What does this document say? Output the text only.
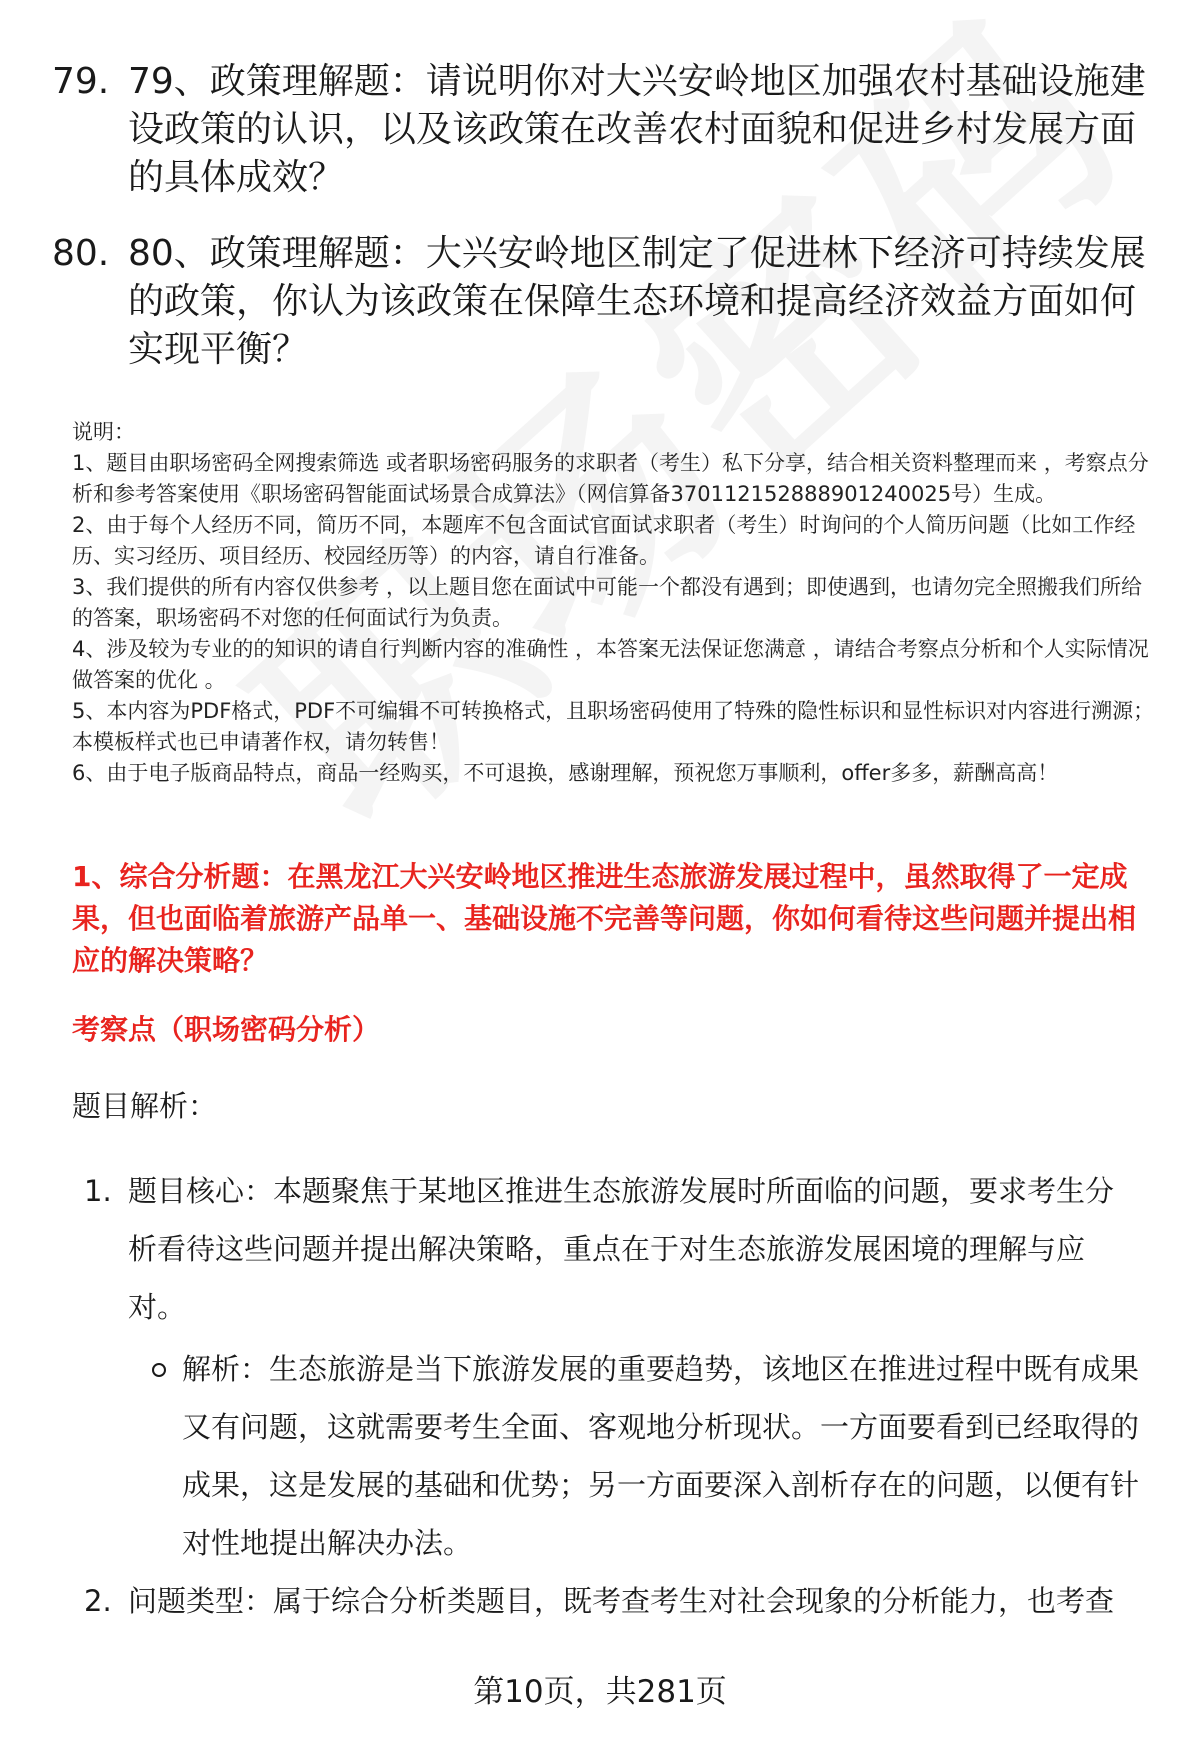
79. 79、政策理解题：请说明你对大兴安岭地区加强农村基础设施建设政策的认识，以及该政策在改善农村面貌和促进乡村发展方面的具体成效？
80. 80、政策理解题：大兴安岭地区制定了促进林下经济可持续发展的政策，你认为该政策在保障生态环境和提高经济效益方面如何实现平衡？
说明：
1、题目由职场密码全网搜索筛选 或者职场密码服务的求职者（考生）私下分享，结合相关资料整理而来 ，考察点分析和参考答案使用《职场密码智能面试场景合成算法》（网信算备370112152888901240025号）生成。
2、由于每个人经历不同，简历不同，本题库不包含面试官面试求职者（考生）时询问的个人简历问题（比如工作经历、实习经历、项目经历、校园经历等）的内容，请自行准备。
3、我们提供的所有内容仅供参考 ，以上题目您在面试中可能一个都没有遇到；即使遇到，也请勿完全照搬我们所给的答案，职场密码不对您的任何面试行为负责。
4、涉及较为专业的的知识的请自行判断内容的准确性 ，本答案无法保证您满意 ，请结合考察点分析和个人实际情况做答案的优化 。
5、本内容为PDF格式，PDF不可编辑不可转换格式，且职场密码使用了特殊的隐性标识和显性标识对内容进行溯源；本模板样式也已申请著作权，请勿转售！
6、由于电子版商品特点，商品一经购买，不可退换，感谢理解，预祝您万事顺利，offer多多，薪酬高高！
1、综合分析题：在黑龙江大兴安岭地区推进生态旅游发展过程中，虽然取得了一定成果，但也面临着旅游产品单一、基础设施不完善等问题，你如何看待这些问题并提出相应的解决策略？
考察点（职场密码分析）
题目解析：
1. 题目核心：本题聚焦于某地区推进生态旅游发展时所面临的问题，要求考生分析看待这些问题并提出解决策略，重点在于对生态旅游发展困境的理解与应对。
解析：生态旅游是当下旅游发展的重要趋势，该地区在推进过程中既有成果又有问题，这就需要考生全面、客观地分析现状。一方面要看到已经取得的成果，这是发展的基础和优势；另一方面要深入剖析存在的问题，以便有针对性地提出解决办法。
2. 问题类型：属于综合分析类题目，既考查考生对社会现象的分析能力，也考查
第10页，共281页
